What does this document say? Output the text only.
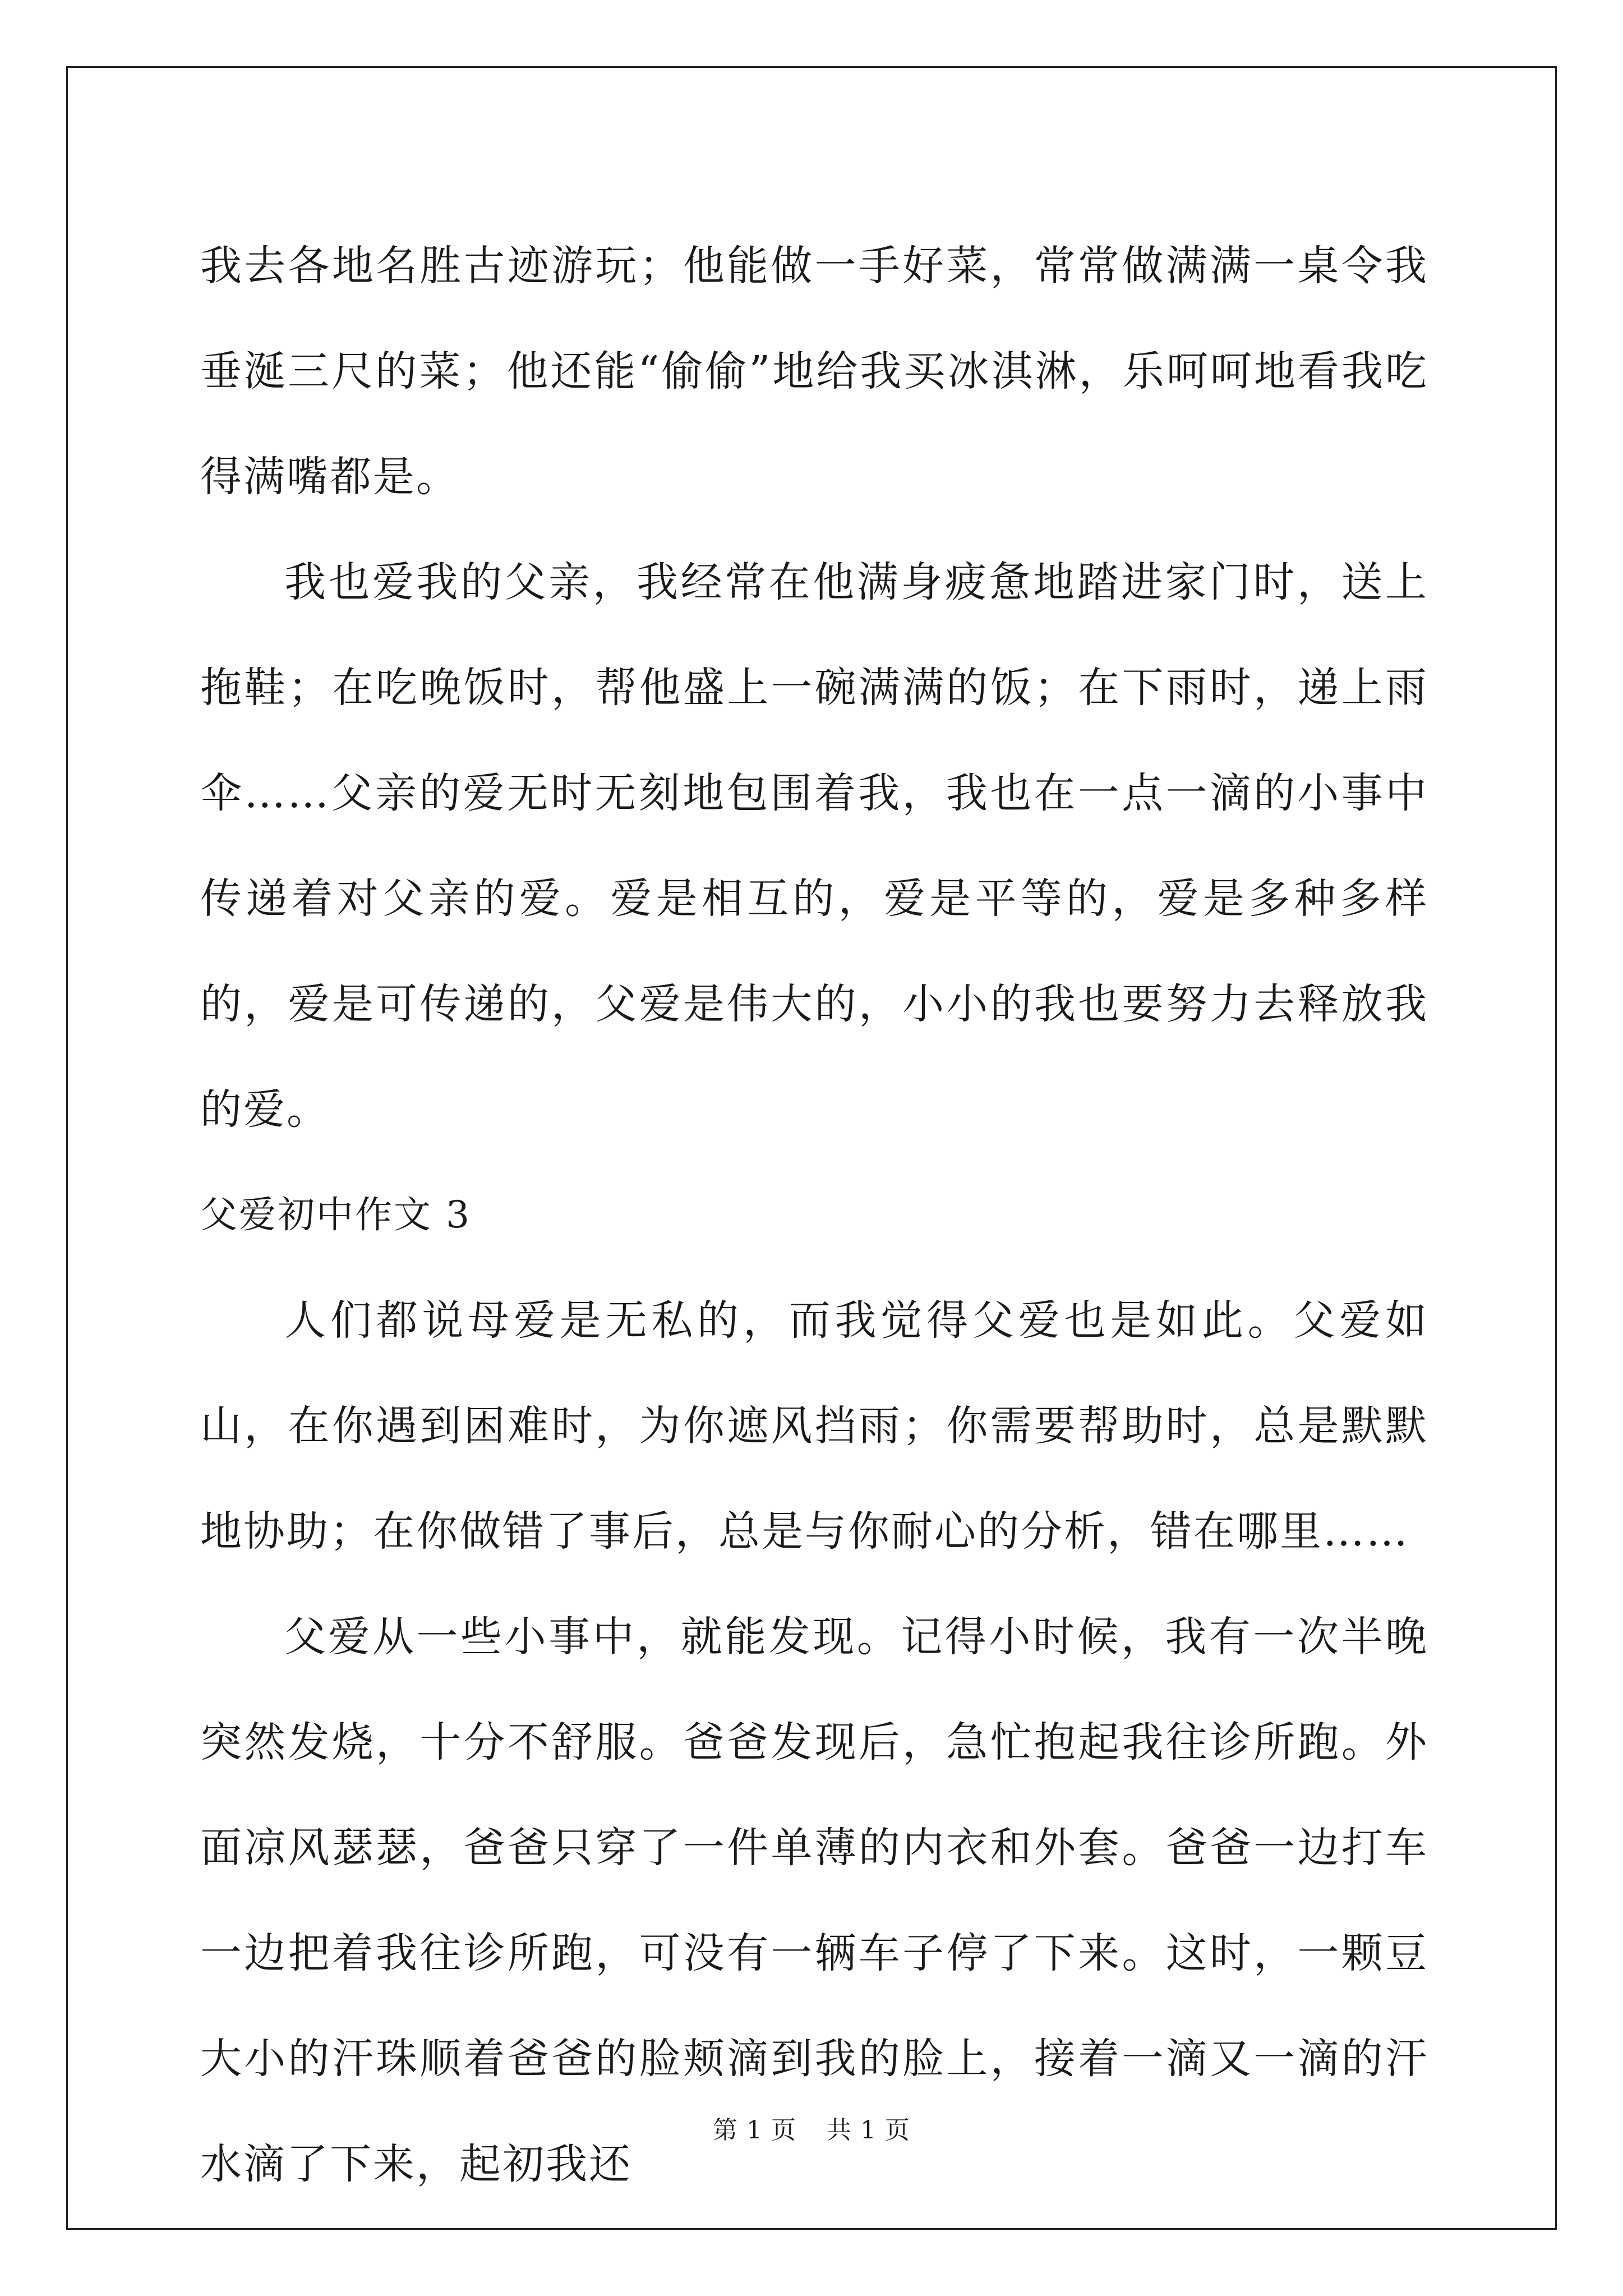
我去各地名胜古迹游玩；他能做一手好菜，常常做满满一桌令我垂涎三尺的菜；他还能“偷偷”地给我买冰淇淋，乐呵呵地看我吃得满嘴都是。

我也爱我的父亲，我经常在他满身疲惫地踏进家门时，送上拖鞋；在吃晚饭时，帮他盛上一碗满满的饭；在下雨时，递上雨伞……父亲的爱无时无刻地包围着我，我也在一点一滴的小事中传递着对父亲的爱。爱是相互的，爱是平等的，爱是多种多样的，爱是可传递的，父爱是伟大的，小小的我也要努力去释放我的爱。

父爱初中作文 3

人们都说母爱是无私的，而我觉得父爱也是如此。父爱如山，在你遇到困难时，为你遮风挡雨；你需要帮助时，总是默默地协助；在你做错了事后，总是与你耐心的分析，错在哪里……

父爱从一些小事中，就能发现。记得小时候，我有一次半晚突然发烧，十分不舒服。爸爸发现后，急忙抱起我往诊所跑。外面凉风瑟瑟，爸爸只穿了一件单薄的内衣和外套。爸爸一边打车一边把着我往诊所跑，可没有一辆车子停了下来。这时，一颗豆大小的汗珠顺着爸爸的脸颊滴到我的脸上，接着一滴又一滴的汗水滴了下来，起初我还

第 1 页 共 1 页
